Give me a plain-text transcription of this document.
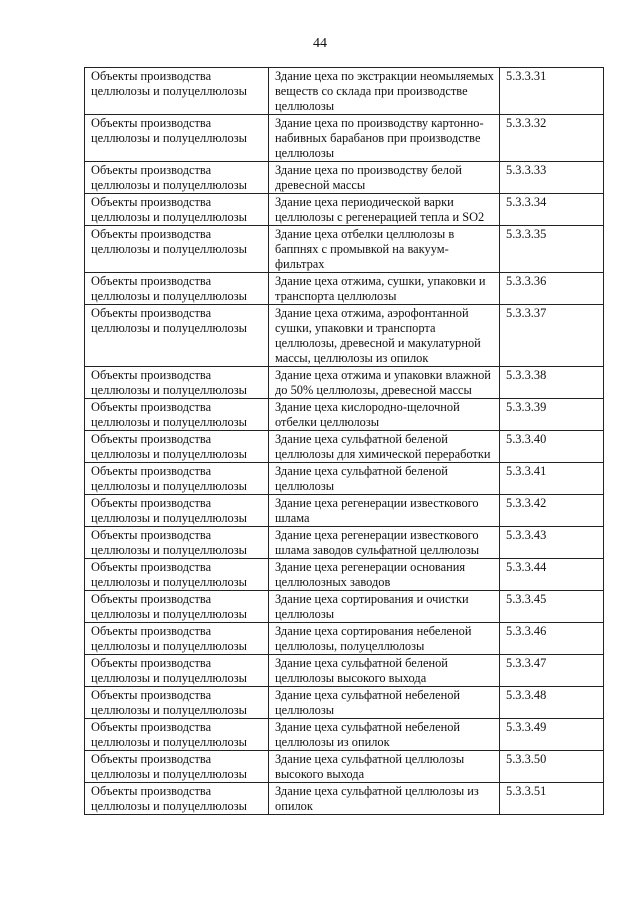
44
Объекты производства целлюлозы и полуцеллюлозы	Здание цеха по экстракции неомыляемых веществ со склада при производстве целлюлозы	5.3.3.31
Объекты производства целлюлозы и полуцеллюлозы	Здание цеха по производству картонно-набивных барабанов при производстве целлюлозы	5.3.3.32
Объекты производства целлюлозы и полуцеллюлозы	Здание цеха по производству белой древесной массы	5.3.3.33
Объекты производства целлюлозы и полуцеллюлозы	Здание цеха периодической варки целлюлозы с регенерацией тепла и SO2	5.3.3.34
Объекты производства целлюлозы и полуцеллюлозы	Здание цеха отбелки целлюлозы в баппнях с промывкой на вакуум-фильтрах	5.3.3.35
Объекты производства целлюлозы и полуцеллюлозы	Здание цеха отжима, сушки, упаковки и транспорта целлюлозы	5.3.3.36
Объекты производства целлюлозы и полуцеллюлозы	Здание цеха отжима, аэрофонтанной сушки, упаковки и транспорта целлюлозы, древесной и макулатурной массы, целлюлозы из опилок	5.3.3.37
Объекты производства целлюлозы и полуцеллюлозы	Здание цеха отжима и упаковки влажной до 50% целлюлозы, древесной массы	5.3.3.38
Объекты производства целлюлозы и полуцеллюлозы	Здание цеха кислородно-щелочной отбелки целлюлозы	5.3.3.39
Объекты производства целлюлозы и полуцеллюлозы	Здание цеха сульфатной беленой целлюлозы для химической переработки	5.3.3.40
Объекты производства целлюлозы и полуцеллюлозы	Здание цеха сульфатной беленой целлюлозы	5.3.3.41
Объекты производства целлюлозы и полуцеллюлозы	Здание цеха регенерации известкового шлама	5.3.3.42
Объекты производства целлюлозы и полуцеллюлозы	Здание цеха регенерации известкового шлама заводов сульфатной целлюлозы	5.3.3.43
Объекты производства целлюлозы и полуцеллюлозы	Здание цеха регенерации основания целлюлозных заводов	5.3.3.44
Объекты производства целлюлозы и полуцеллюлозы	Здание цеха сортирования и очистки целлюлозы	5.3.3.45
Объекты производства целлюлозы и полуцеллюлозы	Здание цеха сортирования небеленой целлюлозы, полуцеллюлозы	5.3.3.46
Объекты производства целлюлозы и полуцеллюлозы	Здание цеха сульфатной беленой целлюлозы высокого выхода	5.3.3.47
Объекты производства целлюлозы и полуцеллюлозы	Здание цеха сульфатной небеленой целлюлозы	5.3.3.48
Объекты производства целлюлозы и полуцеллюлозы	Здание цеха сульфатной небеленой целлюлозы из опилок	5.3.3.49
Объекты производства целлюлозы и полуцеллюлозы	Здание цеха сульфатной целлюлозы высокого выхода	5.3.3.50
Объекты производства целлюлозы и полуцеллюлозы	Здание цеха сульфатной целлюлозы из опилок	5.3.3.51
